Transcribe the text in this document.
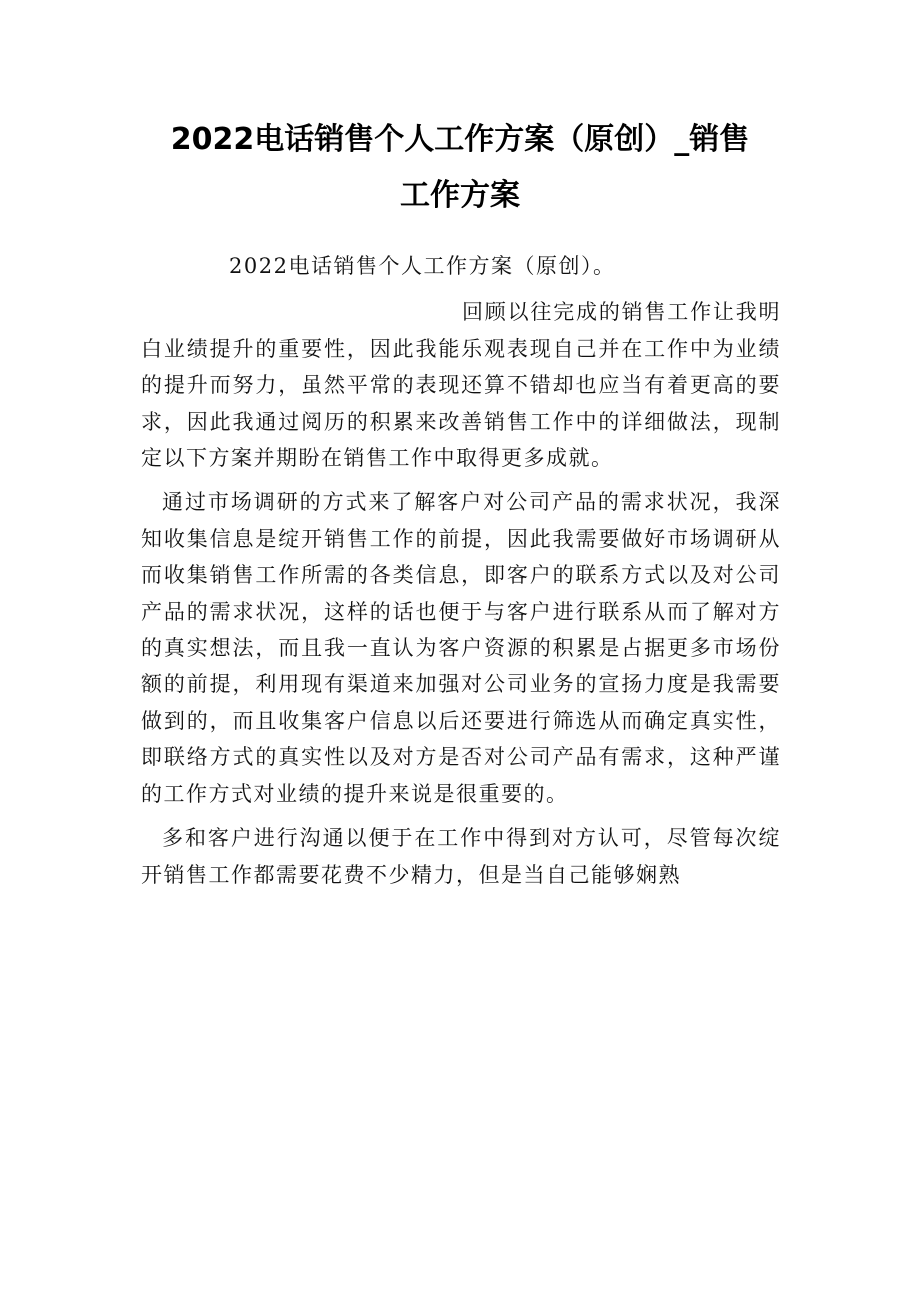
2022电话销售个人工作方案（原创）_销售
工作方案

2022电话销售个人工作方案（原创）。

回顾以往完成的销售工作让我明白业绩提升的重要性，因此我能乐观表现自己并在工作中为业绩的提升而努力，虽然平常的表现还算不错却也应当有着更高的要求，因此我通过阅历的积累来改善销售工作中的详细做法，现制定以下方案并期盼在销售工作中取得更多成就。

通过市场调研的方式来了解客户对公司产品的需求状况，我深知收集信息是绽开销售工作的前提，因此我需要做好市场调研从而收集销售工作所需的各类信息，即客户的联系方式以及对公司产品的需求状况，这样的话也便于与客户进行联系从而了解对方的真实想法，而且我一直认为客户资源的积累是占据更多市场份额的前提，利用现有渠道来加强对公司业务的宣扬力度是我需要做到的，而且收集客户信息以后还要进行筛选从而确定真实性，即联络方式的真实性以及对方是否对公司产品有需求，这种严谨的工作方式对业绩的提升来说是很重要的。

多和客户进行沟通以便于在工作中得到对方认可，尽管每次绽开销售工作都需要花费不少精力，但是当自己能够娴熟
